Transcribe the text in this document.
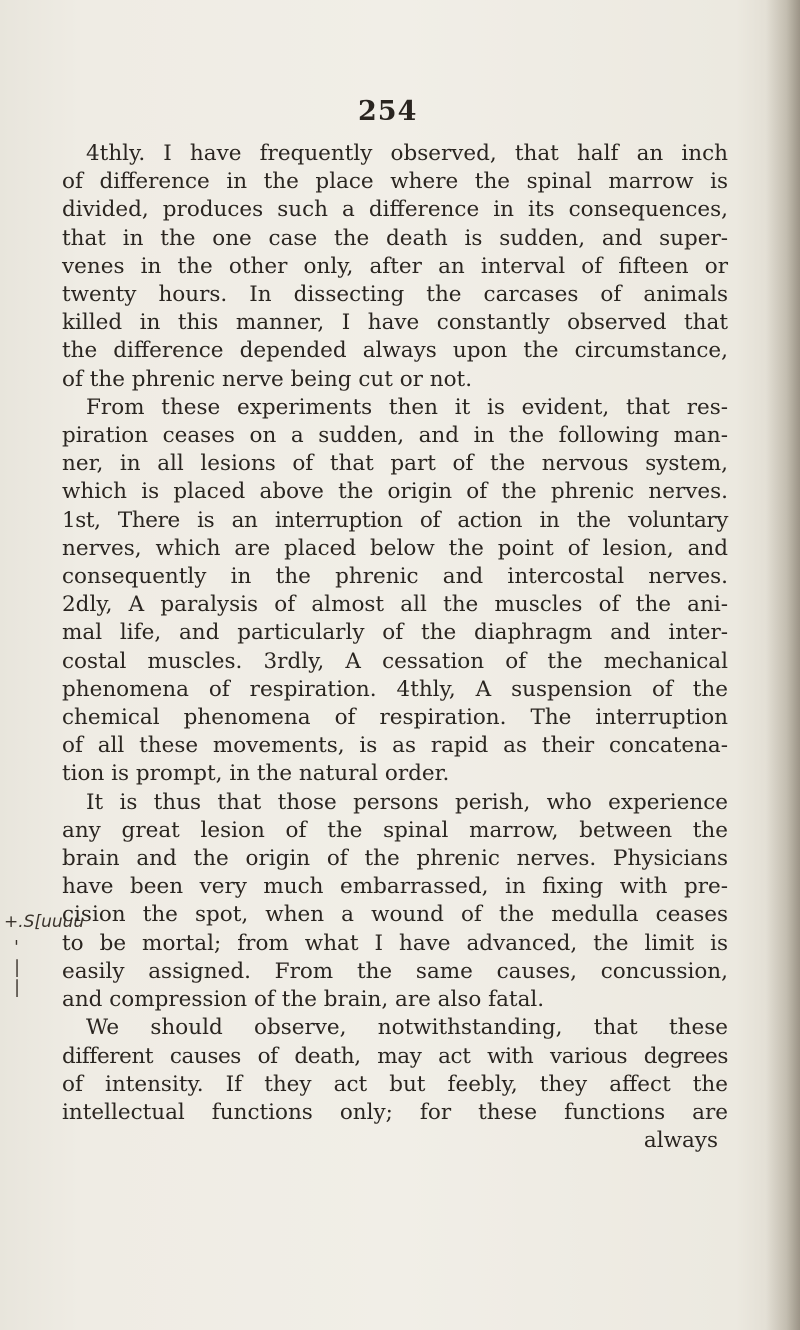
254
+.S[uuuu
'
|
|
4thly. I have frequently observed, that half an inch
of difference in the place where the spinal marrow is
divided, produces such a difference in its consequences,
that in the one case the death is sudden, and super-
venes in the other only, after an interval of fifteen or
twenty hours. In dissecting the carcases of animals
killed in this manner, I have constantly observed that
the difference depended always upon the circumstance,
of the phrenic nerve being cut or not.
From these experiments then it is evident, that res-
piration ceases on a sudden, and in the following man-
ner, in all lesions of that part of the nervous system,
which is placed above the origin of the phrenic nerves.
1st, There is an interruption of action in the voluntary
nerves, which are placed below the point of lesion, and
consequently in the phrenic and intercostal nerves.
2dly, A paralysis of almost all the muscles of the ani-
mal life, and particularly of the diaphragm and inter-
costal muscles. 3rdly, A cessation of the mechanical
phenomena of respiration. 4thly, A suspension of the
chemical phenomena of respiration. The interruption
of all these movements, is as rapid as their concatena-
tion is prompt, in the natural order.
It is thus that those persons perish, who experience
any great lesion of the spinal marrow, between the
brain and the origin of the phrenic nerves. Physicians
have been very much embarrassed, in fixing with pre-
cision the spot, when a wound of the medulla ceases
to be mortal; from what I have advanced, the limit is
easily assigned. From the same causes, concussion,
and compression of the brain, are also fatal.
We should observe, notwithstanding, that these
different causes of death, may act with various degrees
of intensity. If they act but feebly, they affect the
intellectual functions only; for these functions are
always
